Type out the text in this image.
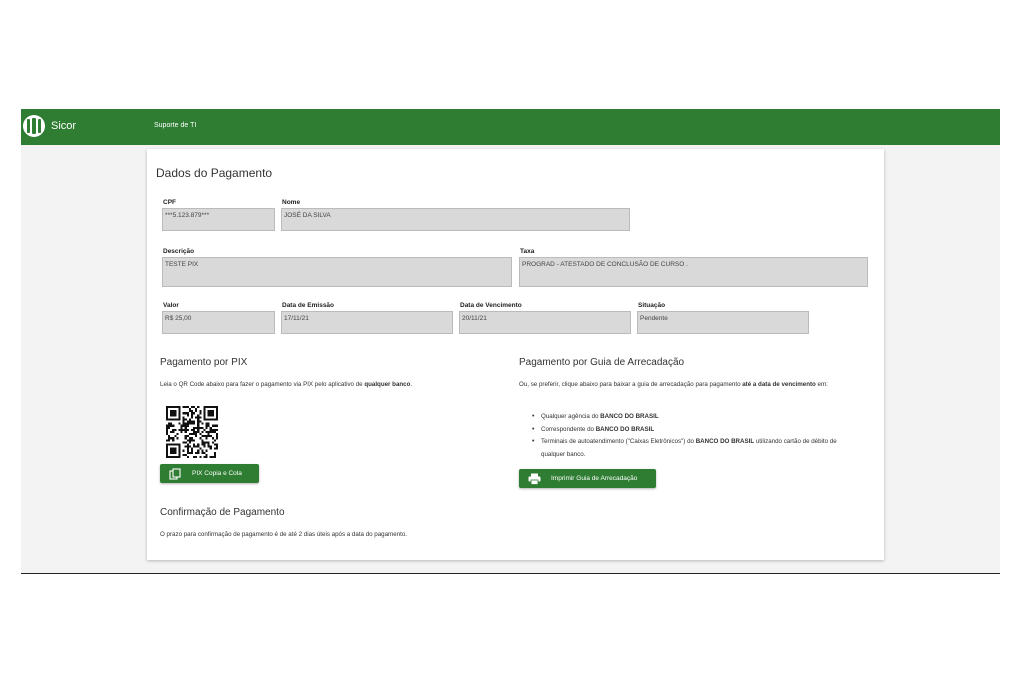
Sicor	Suporte de TI
Dados do Pagamento
CPF
***5.123.879***
Nome
JOSÉ DA SILVA
Descrição
TESTE PIX
Taxa
PROGRAD - ATESTADO DE CONCLUSÃO DE CURSO .
Valor
R$ 25,00
Data de Emissão
17/11/21
Data de Vencimento
20/11/21
Situação
Pendente
Pagamento por PIX
Leia o QR Code abaixo para fazer o pagamento via PIX pelo aplicativo de qualquer banco.
PIX Copia e Cola
Pagamento por Guia de Arrecadação
Ou, se preferir, clique abaixo para baixar a guia de arrecadação para pagamento até a data de vencimento em:
• Qualquer agência do BANCO DO BRASIL
• Correspondente do BANCO DO BRASIL
• Terminais de autoatendimento ("Caixas Eletrônicos") do BANCO DO BRASIL utilizando cartão de débito de qualquer banco.
Imprimir Guia de Arrecadação
Confirmação de Pagamento
O prazo para confirmação de pagamento é de até 2 dias úteis após a data do pagamento.
